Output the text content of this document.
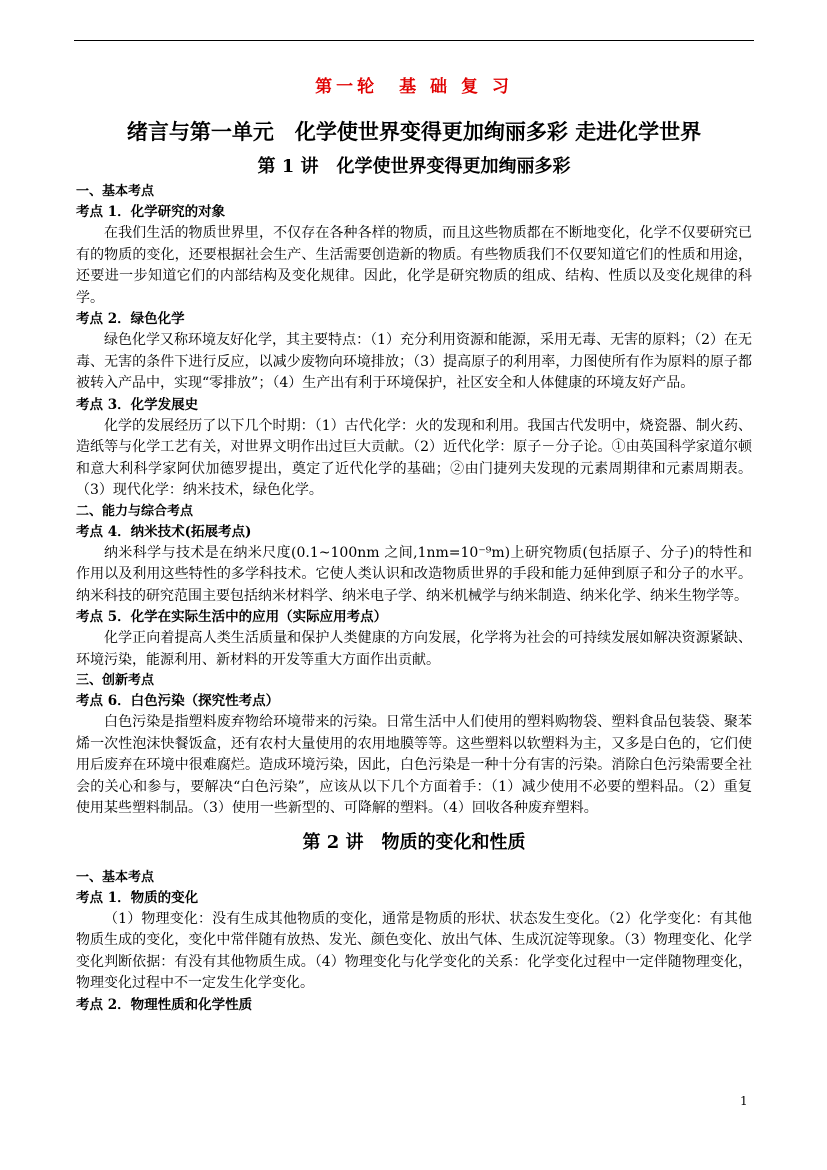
第一轮　基 础 复 习
绪言与第一单元　化学使世界变得更加绚丽多彩 走进化学世界
第 1 讲　化学使世界变得更加绚丽多彩
一、基本考点
考点 1．化学研究的对象

在我们生活的物质世界里，不仅存在各种各样的物质，而且这些物质都在不断地变化，化学不仅要研究已有的物质的变化，还要根据社会生产、生活需要创造新的物质。有些物质我们不仅要知道它们的性质和用途，还要进一步知道它们的内部结构及变化规律。因此，化学是研究物质的组成、结构、性质以及变化规律的科学。

考点 2．绿色化学

绿色化学又称环境友好化学，其主要特点：（1）充分利用资源和能源，采用无毒、无害的原料；（2）在无毒、无害的条件下进行反应，以减少废物向环境排放；（3）提高原子的利用率，力图使所有作为原料的原子都被转入产品中，实现“零排放”；（4）生产出有利于环境保护，社区安全和人体健康的环境友好产品。

考点 3．化学发展史

化学的发展经历了以下几个时期：（1）古代化学：火的发现和利用。我国古代发明中，烧瓷器、制火药、造纸等与化学工艺有关，对世界文明作出过巨大贡献。（2）近代化学：原子－分子论。①由英国科学家道尔顿和意大利科学家阿伏加德罗提出，奠定了近代化学的基础；②由门捷列夫发现的元素周期律和元素周期表。（3）现代化学：纳米技术，绿色化学。

二、能力与综合考点
考点 4．纳米技术(拓展考点)

纳米科学与技术是在纳米尺度(0.1~100nm 之间,1nm=10⁻⁹m)上研究物质(包括原子、分子)的特性和作用以及利用这些特性的多学科技术。它使人类认识和改造物质世界的手段和能力延伸到原子和分子的水平。纳米科技的研究范围主要包括纳米材料学、纳米电子学、纳米机械学与纳米制造、纳米化学、纳米生物学等。

考点 5．化学在实际生活中的应用（实际应用考点）

化学正向着提高人类生活质量和保护人类健康的方向发展，化学将为社会的可持续发展如解决资源紧缺、环境污染，能源利用、新材料的开发等重大方面作出贡献。

三、创新考点
考点 6．白色污染（探究性考点）

白色污染是指塑料废弃物给环境带来的污染。日常生活中人们使用的塑料购物袋、塑料食品包装袋、聚苯烯一次性泡沫快餐饭盒，还有农村大量使用的农用地膜等等。这些塑料以软塑料为主，又多是白色的，它们使用后废弃在环境中很难腐烂。造成环境污染，因此，白色污染是一种十分有害的污染。消除白色污染需要全社会的关心和参与，要解决“白色污染”，应该从以下几个方面着手：（1）减少使用不必要的塑料品。（2）重复使用某些塑料制品。（3）使用一些新型的、可降解的塑料。（4）回收各种废弃塑料。

第 2 讲　物质的变化和性质
一、基本考点
考点 1．物质的变化

（1）物理变化：没有生成其他物质的变化，通常是物质的形状、状态发生变化。（2）化学变化：有其他物质生成的变化，变化中常伴随有放热、发光、颜色变化、放出气体、生成沉淀等现象。（3）物理变化、化学变化判断依据：有没有其他物质生成。（4）物理变化与化学变化的关系：化学变化过程中一定伴随物理变化，物理变化过程中不一定发生化学变化。

考点 2．物理性质和化学性质
1
